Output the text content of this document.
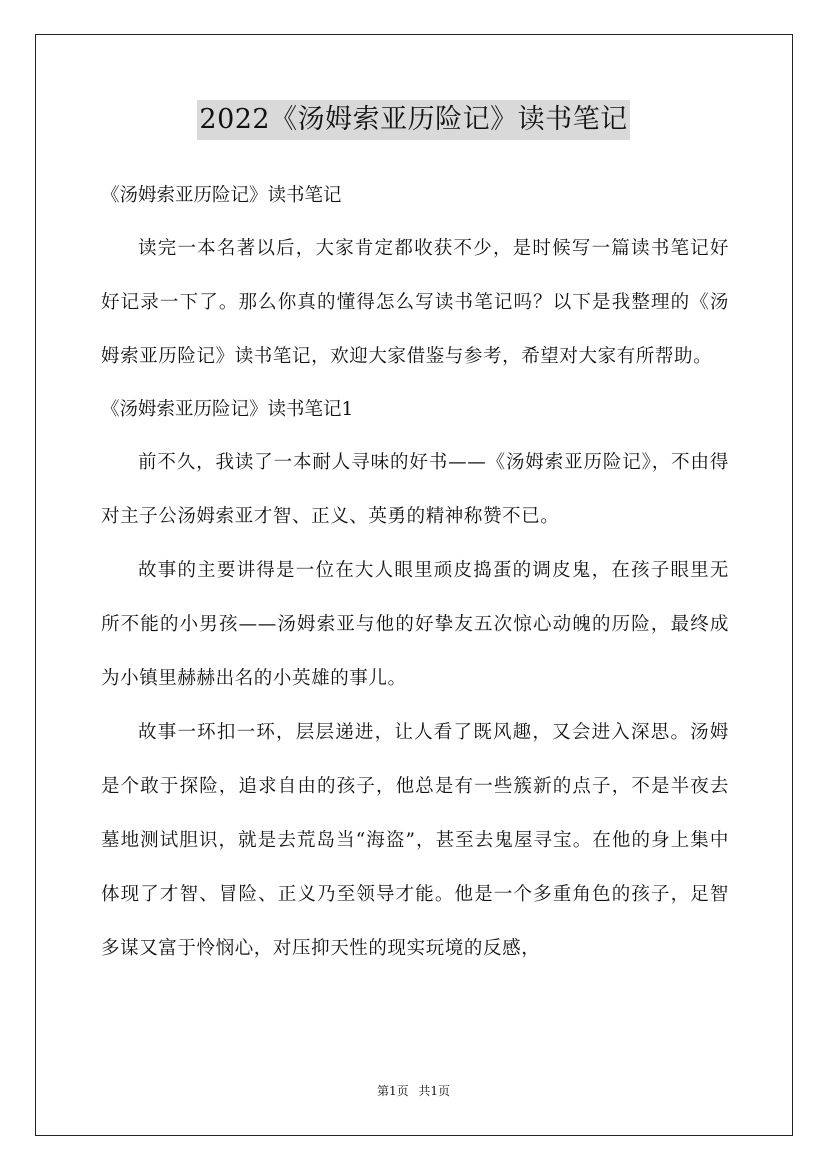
2022《汤姆索亚历险记》读书笔记

《汤姆索亚历险记》读书笔记

读完一本名著以后，大家肯定都收获不少，是时候写一篇读书笔记好好记录一下了。那么你真的懂得怎么写读书笔记吗？以下是我整理的《汤姆索亚历险记》读书笔记，欢迎大家借鉴与参考，希望对大家有所帮助。

《汤姆索亚历险记》读书笔记1

前不久，我读了一本耐人寻味的好书——《汤姆索亚历险记》，不由得对主子公汤姆索亚才智、正义、英勇的精神称赞不已。

故事的主要讲得是一位在大人眼里顽皮捣蛋的调皮鬼，在孩子眼里无所不能的小男孩——汤姆索亚与他的好挚友五次惊心动魄的历险，最终成为小镇里赫赫出名的小英雄的事儿。

故事一环扣一环，层层递进，让人看了既风趣，又会进入深思。汤姆是个敢于探险，追求自由的孩子，他总是有一些簇新的点子，不是半夜去墓地测试胆识，就是去荒岛当“海盗”，甚至去鬼屋寻宝。在他的身上集中体现了才智、冒险、正义乃至领导才能。他是一个多重角色的孩子，足智多谋又富于怜悯心，对压抑天性的现实玩境的反感，

第1页 共1页
